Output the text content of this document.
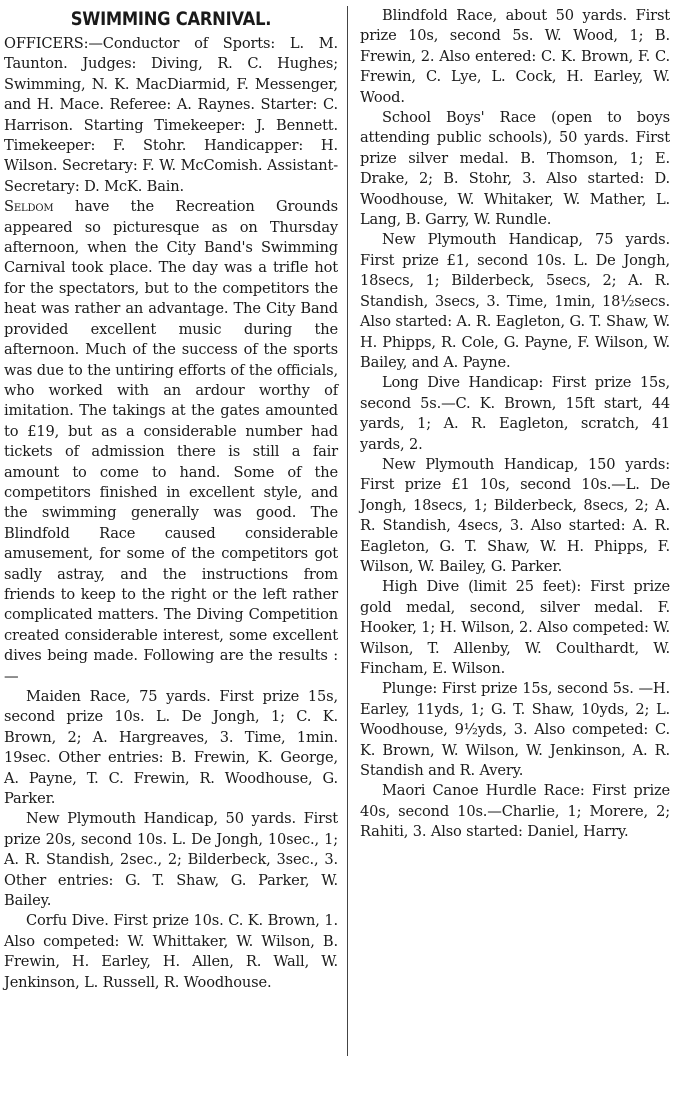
SWIMMING CARNIVAL.

OFFICERS:—Conductor of Sports: L. M. Taunton. Judges: Diving, R. C. Hughes; Swimming, N. K. MacDiarmid, F. Messenger, and H. Mace. Referee: A. Raynes. Starter: C. Harrison. Starting Timekeeper: J. Bennett. Timekeeper: F. Stohr. Handicapper: H. Wilson. Secretary: F. W. McComish. Assistant-Secretary: D. McK. Bain.

Seldom have the Recreation Grounds appeared so picturesque as on Thursday afternoon, when the City Band's Swimming Carnival took place. The day was a trifle hot for the spectators, but to the competitors the heat was rather an advantage. The City Band provided excellent music during the afternoon. Much of the success of the sports was due to the untiring efforts of the officials, who worked with an ardour worthy of imitation. The takings at the gates amounted to £19, but as a considerable number had tickets of admission there is still a fair amount to come to hand. Some of the competitors finished in excellent style, and the swimming generally was good. The Blindfold Race caused considerable amusement, for some of the competitors got sadly astray, and the instructions from friends to keep to the right or the left rather complicated matters. The Diving Competition created considerable interest, some excellent dives being made. Following are the results :—

Maiden Race, 75 yards. First prize 15s, second prize 10s. L. De Jongh, 1; C. K. Brown, 2; A. Hargreaves, 3. Time, 1min. 19sec. Other entries: B. Frewin, K. George, A. Payne, T. C. Frewin, R. Woodhouse, G. Parker.

New Plymouth Handicap, 50 yards. First prize 20s, second 10s. L. De Jongh, 10sec., 1; A. R. Standish, 2sec., 2; Bilderbeck, 3sec., 3. Other entries: G. T. Shaw, G. Parker, W. Bailey.

Corfu Dive. First prize 10s. C. K. Brown, 1. Also competed: W. Whittaker, W. Wilson, B. Frewin, H. Earley, H. Allen, R. Wall, W. Jenkinson, L. Russell, R. Woodhouse.

Blindfold Race, about 50 yards. First prize 10s, second 5s. W. Wood, 1; B. Frewin, 2. Also entered: C. K. Brown, F. C. Frewin, C. Lye, L. Cock, H. Earley, W. Wood.

School Boys' Race (open to boys attending public schools), 50 yards. First prize silver medal. B. Thomson, 1; E. Drake, 2; B. Stohr, 3. Also started: D. Woodhouse, W. Whitaker, W. Mather, L. Lang, B. Garry, W. Rundle.

New Plymouth Handicap, 75 yards. First prize £1, second 10s. L. De Jongh, 18secs, 1; Bilderbeck, 5secs, 2; A. R. Standish, 3secs, 3. Time, 1min, 18½secs. Also started: A. R. Eagleton, G. T. Shaw, W. H. Phipps, R. Cole, G. Payne, F. Wilson, W. Bailey, and A. Payne.

Long Dive Handicap: First prize 15s, second 5s.—C. K. Brown, 15ft start, 44 yards, 1; A. R. Eagleton, scratch, 41 yards, 2.

New Plymouth Handicap, 150 yards: First prize £1 10s, second 10s.—L. De Jongh, 18secs, 1; Bilderbeck, 8secs, 2; A. R. Standish, 4secs, 3. Also started: A. R. Eagleton, G. T. Shaw, W. H. Phipps, F. Wilson, W. Bailey, G. Parker.

High Dive (limit 25 feet): First prize gold medal, second, silver medal. F. Hooker, 1; H. Wilson, 2. Also competed: W. Wilson, T. Allenby, W. Coulthardt, W. Fincham, E. Wilson.

Plunge: First prize 15s, second 5s. —H. Earley, 11yds, 1; G. T. Shaw, 10yds, 2; L. Woodhouse, 9½yds, 3. Also competed: C. K. Brown, W. Wilson, W. Jenkinson, A. R. Standish and R. Avery.

Maori Canoe Hurdle Race: First prize 40s, second 10s.—Charlie, 1; Morere, 2; Rahiti, 3. Also started: Daniel, Harry.
